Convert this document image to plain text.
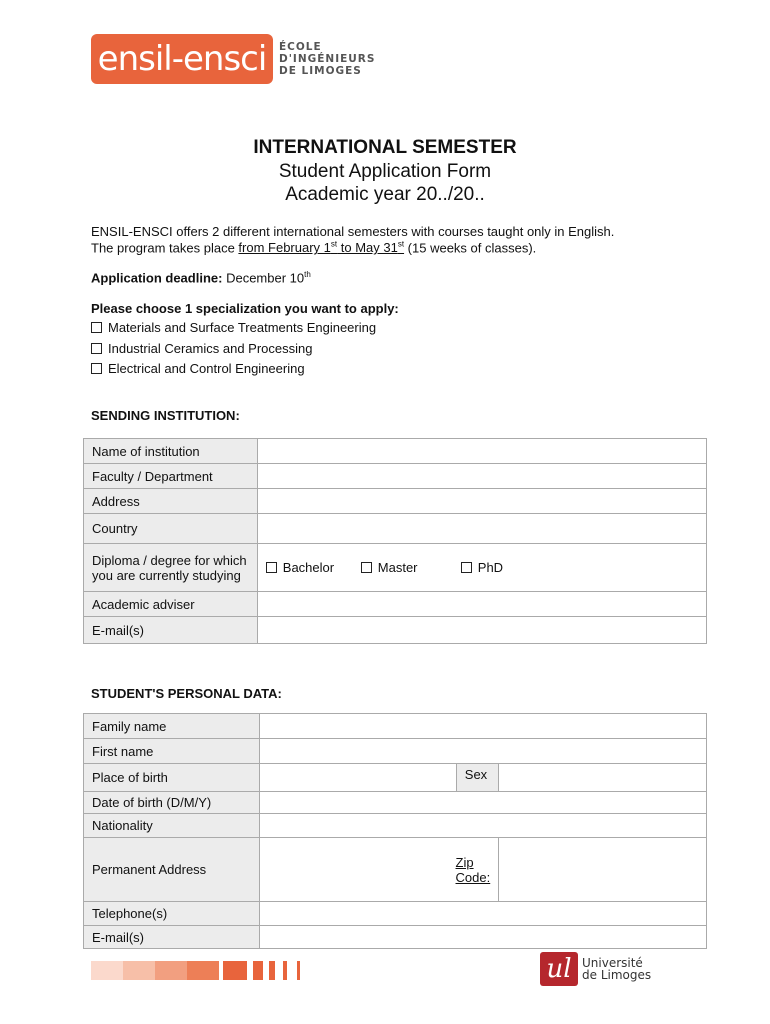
ensil-ensci	ÉCOLE
D'INGÉNIEURS
DE LIMOGES
INTERNATIONAL SEMESTER
Student Application Form
Academic year 20../20..
ENSIL-ENSCI offers 2 different international semesters with courses taught only in English.
The program takes place from February 1st to May 31st (15 weeks of classes).
Application deadline: December 10th
Please choose 1 specialization you want to apply:
Materials and Surface Treatments Engineering
Industrial Ceramics and Processing
Electrical and Control Engineering
SENDING INSTITUTION:
Name of institution	
Faculty / Department	
Address	
Country	
Diploma / degree for which you are currently studying	Bachelor Master PhD
Academic adviser	
E-mail(s)	
STUDENT'S PERSONAL DATA:
Family name			
First name			
Place of birth		Sex	
Date of birth (D/M/Y)			
Nationality			
Permanent Address	Zip Code:		
Telephone(s)			
E-mail(s)			
ul Université
de Limoges
